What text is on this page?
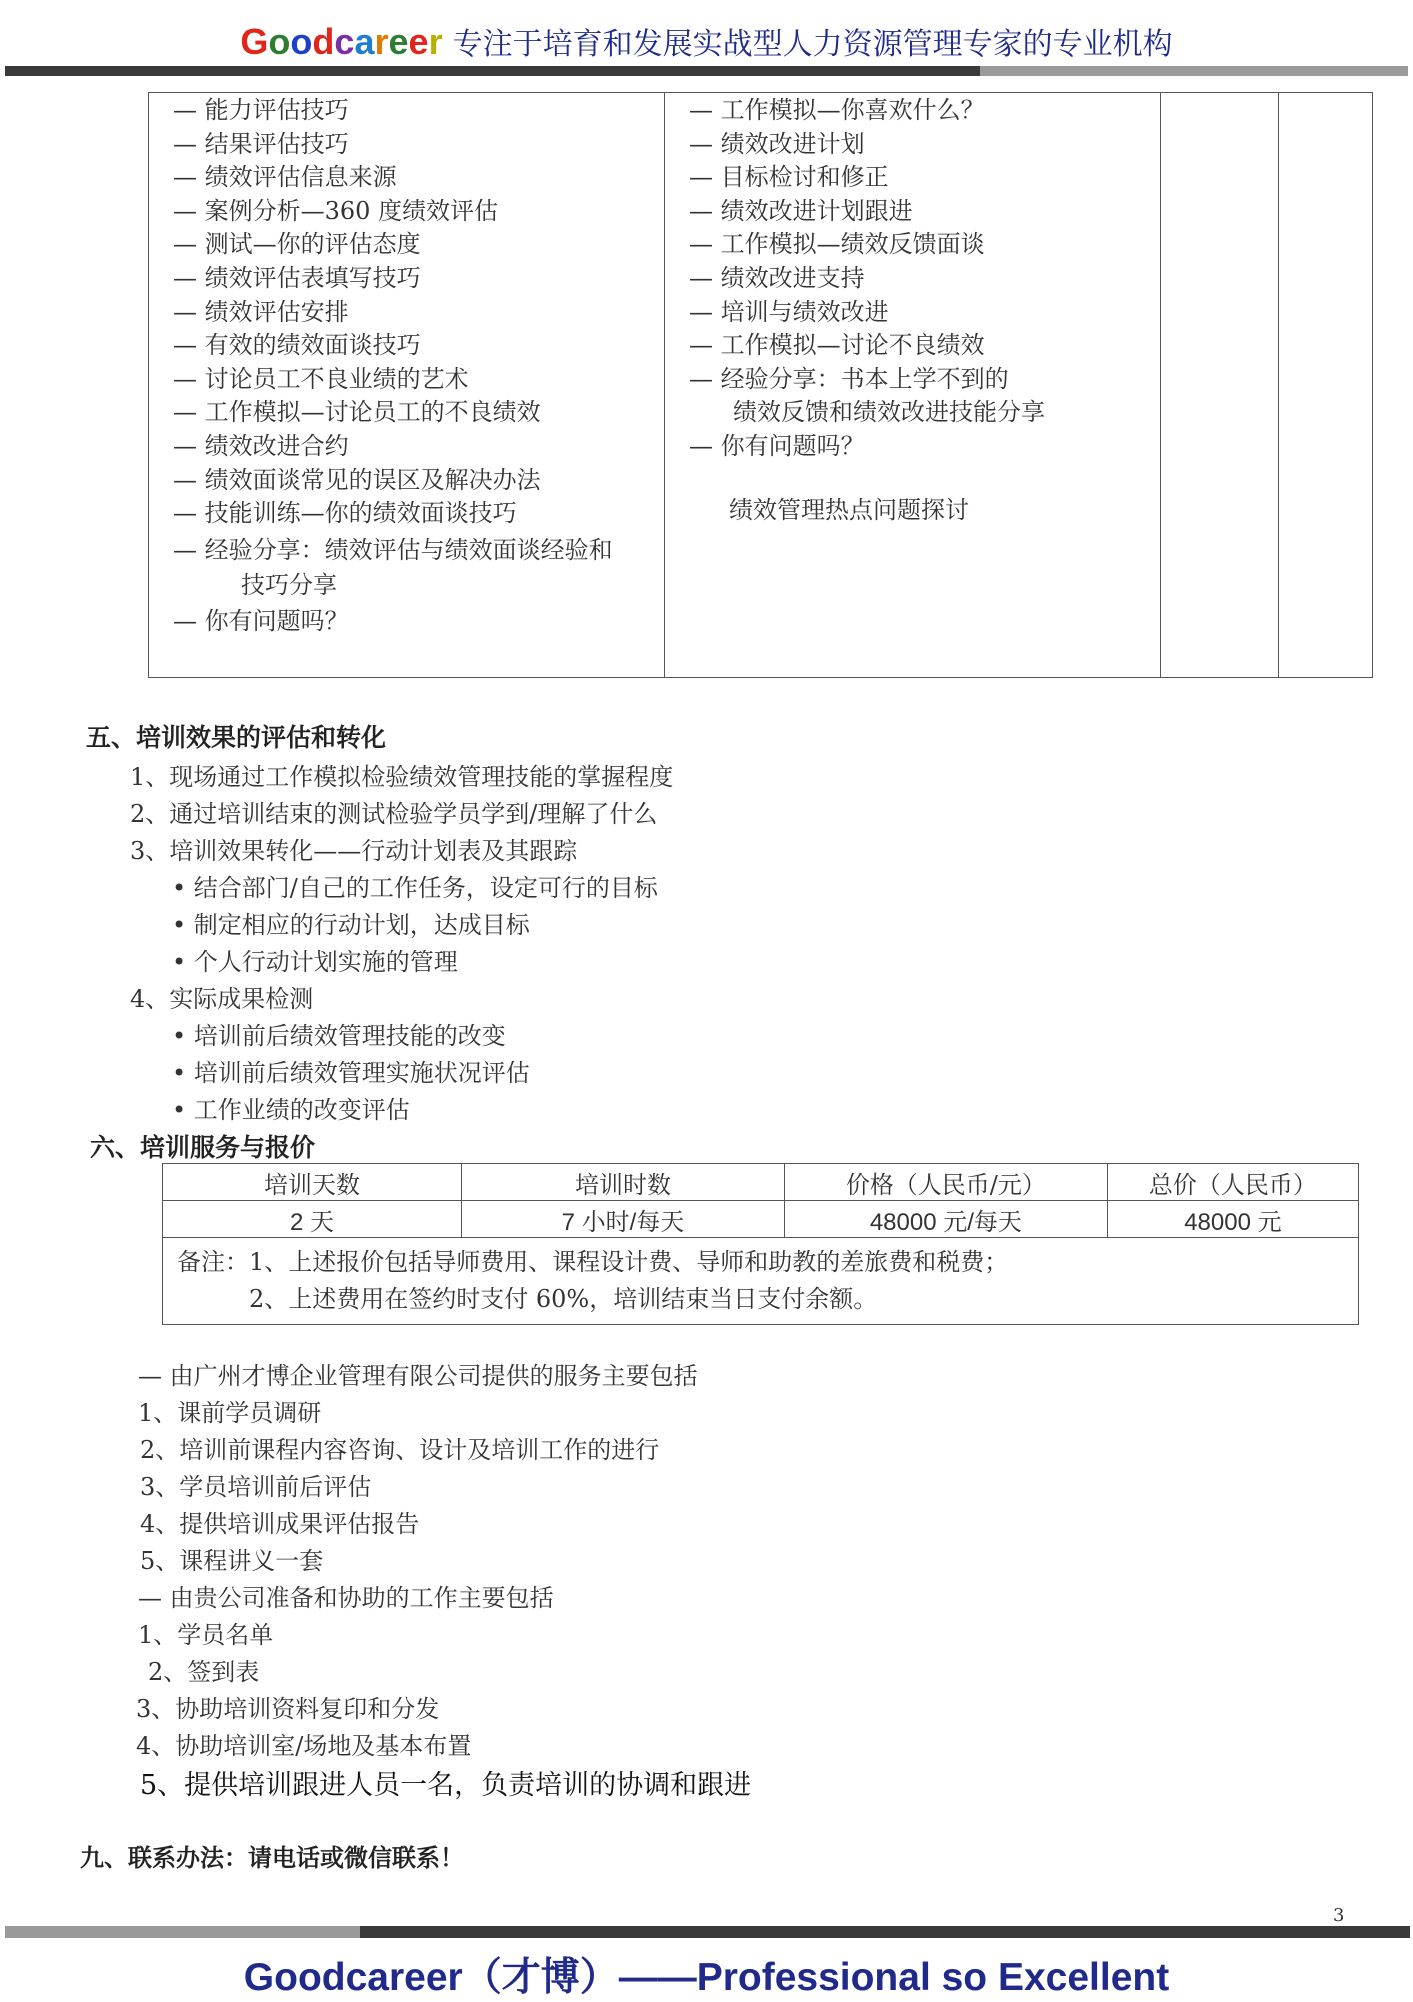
Goodcareer 专注于培育和发展实战型人力资源管理专家的专业机构
— 能力评估技巧
— 结果评估技巧
— 绩效评估信息来源
— 案例分析—360 度绩效评估
— 测试—你的评估态度
— 绩效评估表填写技巧
— 绩效评估安排
— 有效的绩效面谈技巧
— 讨论员工不良业绩的艺术
— 工作模拟—讨论员工的不良绩效
— 绩效改进合约
— 绩效面谈常见的误区及解决办法
— 技能训练—你的绩效面谈技巧
— 经验分享：绩效评估与绩效面谈经验和
技巧分享
— 你有问题吗？
— 工作模拟—你喜欢什么？
— 绩效改进计划
— 目标检讨和修正
— 绩效改进计划跟进
— 工作模拟—绩效反馈面谈
— 绩效改进支持
— 培训与绩效改进
— 工作模拟—讨论不良绩效
— 经验分享：书本上学不到的
绩效反馈和绩效改进技能分享
— 你有问题吗？
绩效管理热点问题探讨
五、培训效果的评估和转化
1、现场通过工作模拟检验绩效管理技能的掌握程度
2、通过培训结束的测试检验学员学到/理解了什么
3、培训效果转化——行动计划表及其跟踪
• 结合部门/自己的工作任务，设定可行的目标
• 制定相应的行动计划，达成目标
• 个人行动计划实施的管理
4、实际成果检测
• 培训前后绩效管理技能的改变
• 培训前后绩效管理实施状况评估
• 工作业绩的改变评估
六、培训服务与报价
培训天数	培训时数	价格（人民币/元）	总价（人民币）
2 天	7 小时/每天	48000 元/每天	48000 元

备注：1、上述报价包括导师费用、课程设计费、导师和助教的差旅费和税费；
2、上述费用在签约时支付 60%，培训结束当日支付余额。			
— 由广州才博企业管理有限公司提供的服务主要包括
1、课前学员调研
2、培训前课程内容咨询、设计及培训工作的进行
3、学员培训前后评估
4、提供培训成果评估报告
5、课程讲义一套
— 由贵公司准备和协助的工作主要包括
1、学员名单
2、签到表
3、协助培训资料复印和分发
4、协助培训室/场地及基本布置
5、提供培训跟进人员一名，负责培训的协调和跟进
九、联系办法：请电话或微信联系！
3
Goodcareer（才博）——Professional so Excellent
